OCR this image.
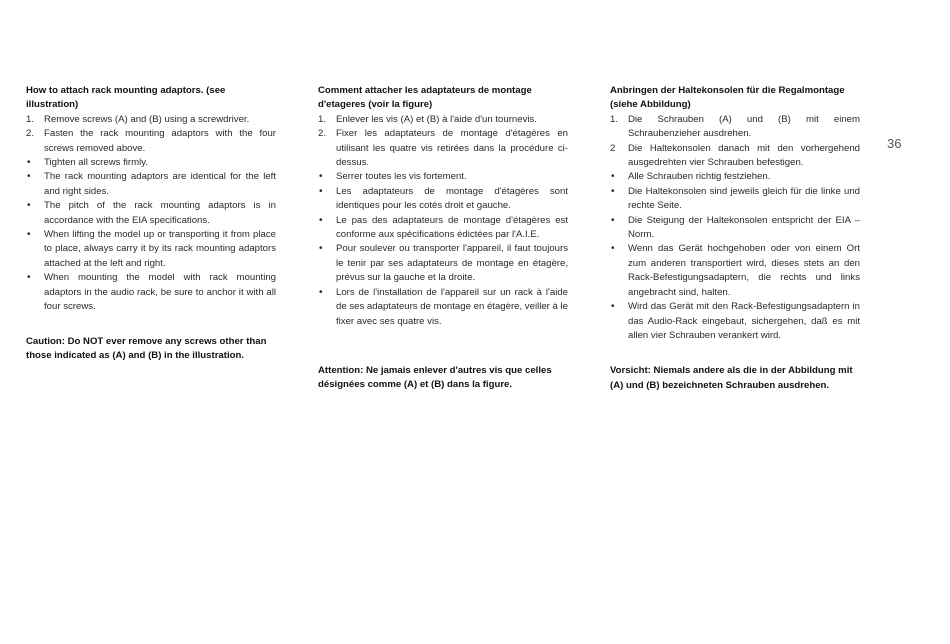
How to attach rack mounting adaptors. (see illustration)
1. Remove screws (A) and (B) using a screwdriver.
2. Fasten the rack mounting adaptors with the four screws removed above.
• Tighten all screws firmly.
• The rack mounting adaptors are identical for the left and right sides.
• The pitch of the rack mounting adaptors is in accordance with the EIA specifications.
• When lifting the model up or transporting it from place to place, always carry it by its rack mounting adaptors attached at the left and right.
• When mounting the model with rack mounting adaptors in the audio rack, be sure to anchor it with all four screws.
Caution: Do NOT ever remove any screws other than those indicated as (A) and (B) in the illustration.
Comment attacher les adaptateurs de montage d'etageres (voir la figure)
1. Enlever les vis (A) et (B) à l'aide d'un tournevis.
2. Fixer les adaptateurs de montage d'étagères en utilisant les quatre vis retirées dans la procédure ci-dessus.
• Serrer toutes les vis fortement.
• Les adaptateurs de montage d'étagères sont identiques pour les cotés droit et gauche.
• Le pas des adaptateurs de montage d'étagères est conforme aux spécifications édictées par l'A.I.E.
• Pour soulever ou transporter l'appareil, il faut toujours le tenir par ses adaptateurs de montage en étagère, prévus sur la gauche et la droite.
• Lors de l'installation de l'appareil sur un rack à l'aide de ses adaptateurs de montage en étagère, veiller à le fixer avec ses quatre vis.
Attention: Ne jamais enlever d'autres vis que celles désignées comme (A) et (B) dans la figure.
Anbringen der Haltekonsolen für die Regalmontage (siehe Abbildung)
1. Die Schrauben (A) und (B) mit einem Schraubenzieher ausdrehen.
2 Die Haltekonsolen danach mit den vorhergehend ausgedrehten vier Schrauben befestigen.
• Alle Schrauben richtig festziehen.
• Die Haltekonsolen sind jeweils gleich für die linke und rechte Seite.
• Die Steigung der Haltekonsolen entspricht der EIA – Norm.
• Wenn das Gerät hochgehoben oder von einem Ort zum anderen transportiert wird, dieses stets an den Rack-Befestigungsadaptern, die rechts und links angebracht sind, halten.
• Wird das Gerät mit den Rack-Befestigungsadaptern in das Audio-Rack eingebaut, sichergehen, daß es mit allen vier Schrauben verankert wird.
Vorsicht: Niemals andere als die in der Abbildung mit (A) und (B) bezeichneten Schrauben ausdrehen.
36
